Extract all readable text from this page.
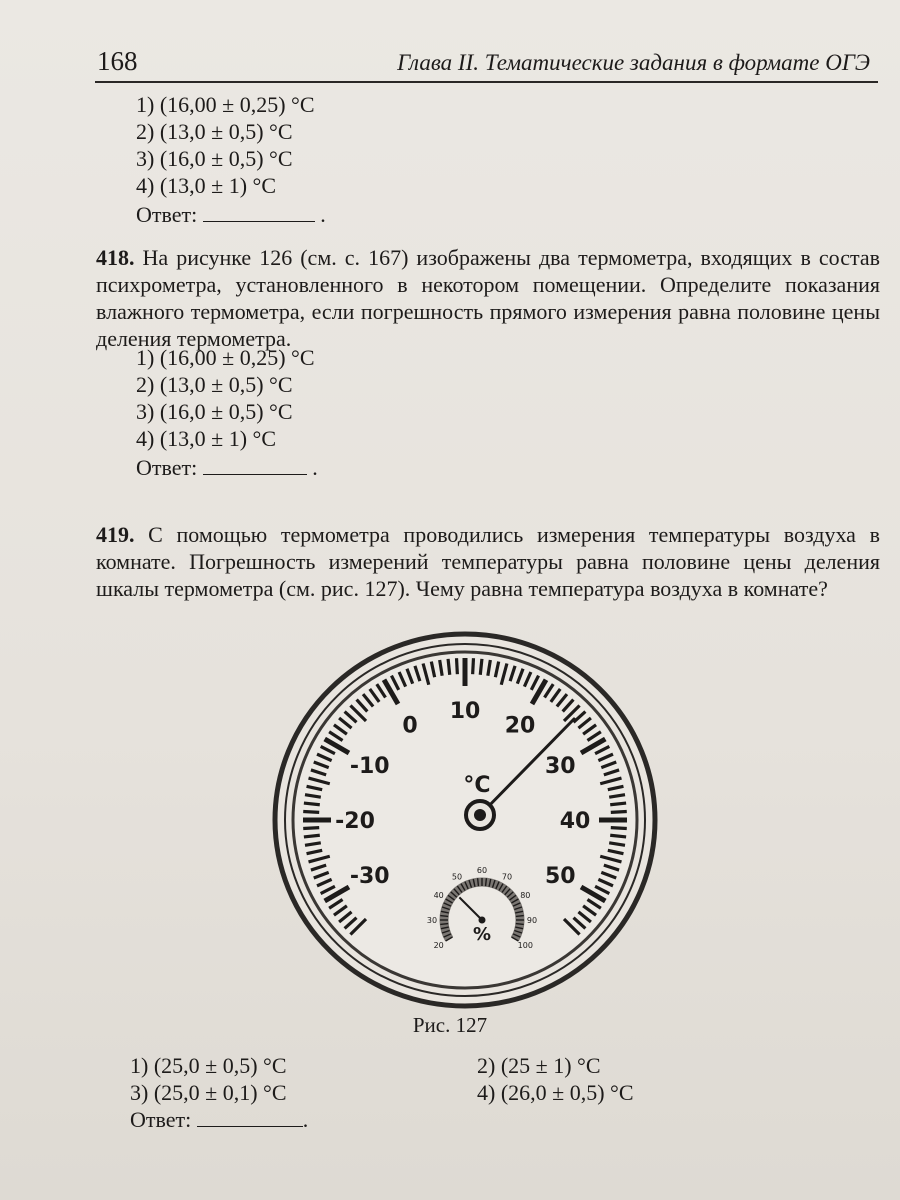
168	Глава II. Тематические задания в формате ОГЭ
1) (16,00 ± 0,25) °C
2) (13,0 ± 0,5) °C
3) (16,0 ± 0,5) °C
4) (13,0 ± 1) °C
Ответ:	.
418. На рисунке 126 (см. с. 167) изображены два термометра, входящих в состав психрометра, установленного в некотором помещении. Определите показания влажного термометра, если погрешность прямого измерения равна половине цены деления термометра.
1) (16,00 ± 0,25) °C
2) (13,0 ± 0,5) °C
3) (16,0 ± 0,5) °C
4) (13,0 ± 1) °C
Ответ:	.
419. С помощью термометра проводились измерения температуры воздуха в комнате. Погрешность измерений температуры равна половине цены деления шкалы термометра (см. рис. 127). Чему равна температура воздуха в комнате?
-30
-20
-10
0
10
20
30
40
50
°C
20
30
40
50
60
70
80
90
100
%
Рис. 127
1) (25,0 ± 0,5) °C	2) (25 ± 1) °C
3) (25,0 ± 0,1) °C	4) (26,0 ± 0,5) °C
Ответ:	.
